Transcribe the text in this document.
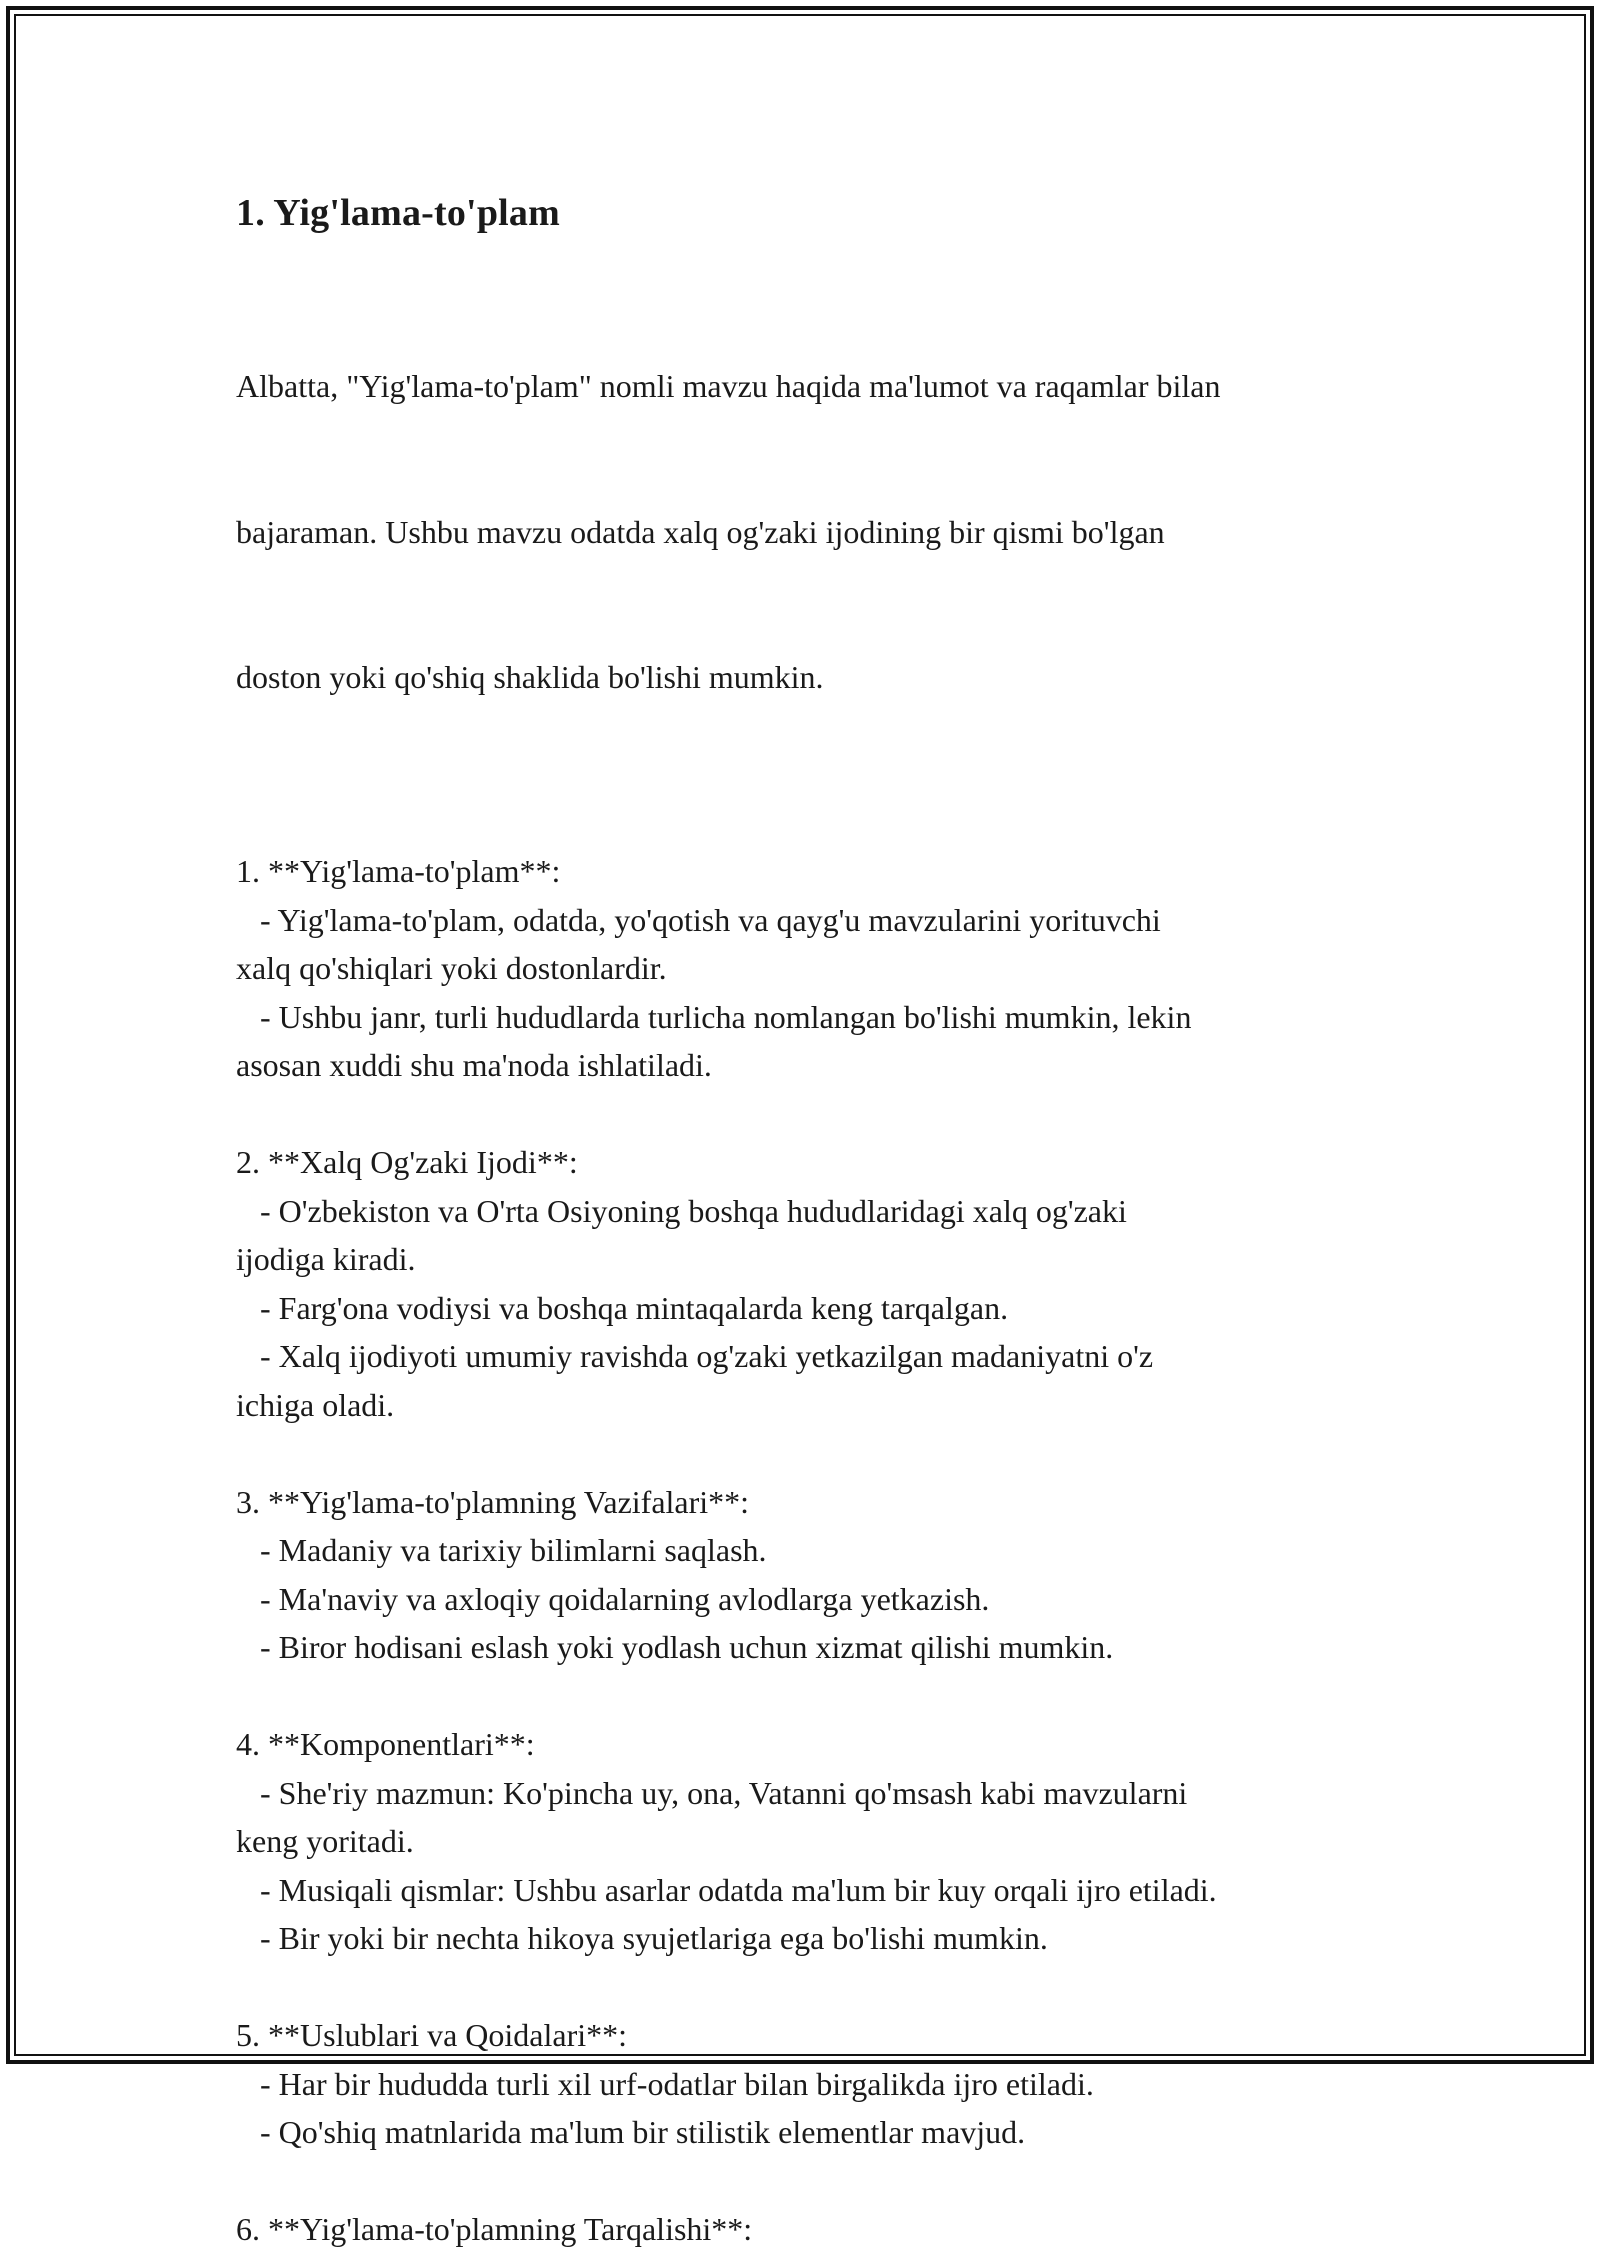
1. Yig'lama-to'plam

Albatta, "Yig'lama-to'plam" nomli mavzu haqida ma'lumot va raqamlar bilan

bajaraman. Ushbu mavzu odatda xalq og'zaki ijodining bir qismi bo'lgan

doston yoki qo'shiq shaklida bo'lishi mumkin.

1. **Yig'lama-to'plam**:
- Yig'lama-to'plam, odatda, yo'qotish va qayg'u mavzularini yorituvchi
xalq qo'shiqlari yoki dostonlardir.
- Ushbu janr, turli hududlarda turlicha nomlangan bo'lishi mumkin, lekin
asosan xuddi shu ma'noda ishlatiladi.
2. **Xalq Og'zaki Ijodi**:
- O'zbekiston va O'rta Osiyoning boshqa hududlaridagi xalq og'zaki
ijodiga kiradi.
- Farg'ona vodiysi va boshqa mintaqalarda keng tarqalgan.
- Xalq ijodiyoti umumiy ravishda og'zaki yetkazilgan madaniyatni o'z
ichiga oladi.
3. **Yig'lama-to'plamning Vazifalari**:
- Madaniy va tarixiy bilimlarni saqlash.
- Ma'naviy va axloqiy qoidalarning avlodlarga yetkazish.
- Biror hodisani eslash yoki yodlash uchun xizmat qilishi mumkin.
4. **Komponentlari**:
- She'riy mazmun: Ko'pincha uy, ona, Vatanni qo'msash kabi mavzularni
keng yoritadi.
- Musiqali qismlar: Ushbu asarlar odatda ma'lum bir kuy orqali ijro etiladi.
- Bir yoki bir nechta hikoya syujetlariga ega bo'lishi mumkin.
5. **Uslublari va Qoidalari**:
- Har bir hududda turli xil urf-odatlar bilan birgalikda ijro etiladi.
- Qo'shiq matnlarida ma'lum bir stilistik elementlar mavjud.
6. **Yig'lama-to'plamning Tarqalishi**:
